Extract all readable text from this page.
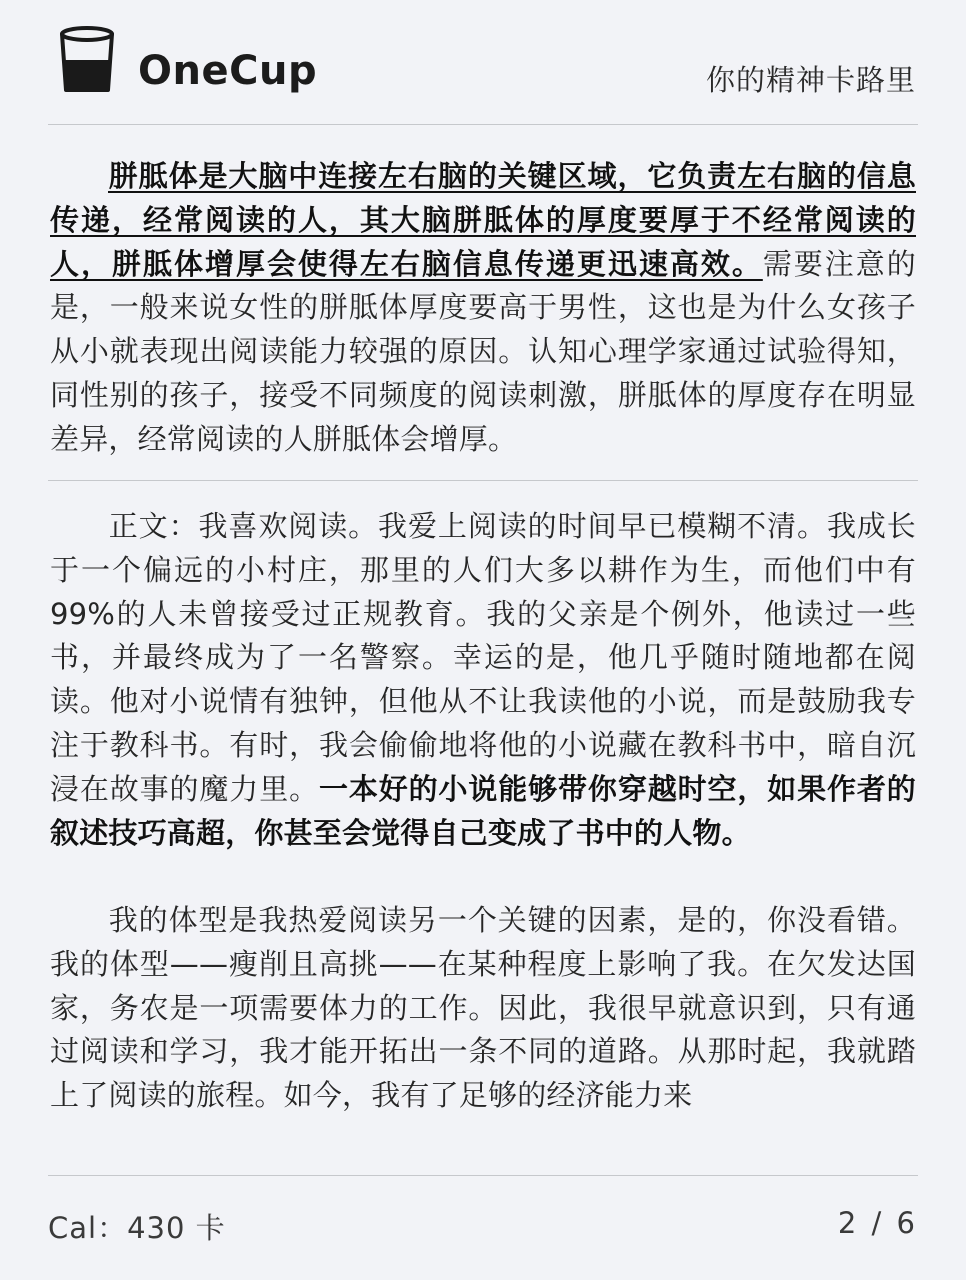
OneCup	你的精神卡路里
胼胝体是大脑中连接左右脑的关键区域，它负责左右脑的信息传递，经常阅读的人，其大脑胼胝体的厚度要厚于不经常阅读的人，胼胝体增厚会使得左右脑信息传递更迅速高效。需要注意的是，一般来说女性的胼胝体厚度要高于男性，这也是为什么女孩子从小就表现出阅读能力较强的原因。认知心理学家通过试验得知，同性别的孩子，接受不同频度的阅读刺激，胼胝体的厚度存在明显差异，经常阅读的人胼胝体会增厚。
正文：我喜欢阅读。我爱上阅读的时间早已模糊不清。我成长于一个偏远的小村庄，那里的人们大多以耕作为生，而他们中有99%的人未曾接受过正规教育。我的父亲是个例外，他读过一些书，并最终成为了一名警察。幸运的是，他几乎随时随地都在阅读。他对小说情有独钟，但他从不让我读他的小说，而是鼓励我专注于教科书。有时，我会偷偷地将他的小说藏在教科书中，暗自沉浸在故事的魔力里。一本好的小说能够带你穿越时空，如果作者的叙述技巧高超，你甚至会觉得自己变成了书中的人物。
我的体型是我热爱阅读另一个关键的因素，是的，你没看错。我的体型——瘦削且高挑——在某种程度上影响了我。在欠发达国家，务农是一项需要体力的工作。因此，我很早就意识到，只有通过阅读和学习，我才能开拓出一条不同的道路。从那时起，我就踏上了阅读的旅程。如今，我有了足够的经济能力来
Cal：430 卡	2 / 6
